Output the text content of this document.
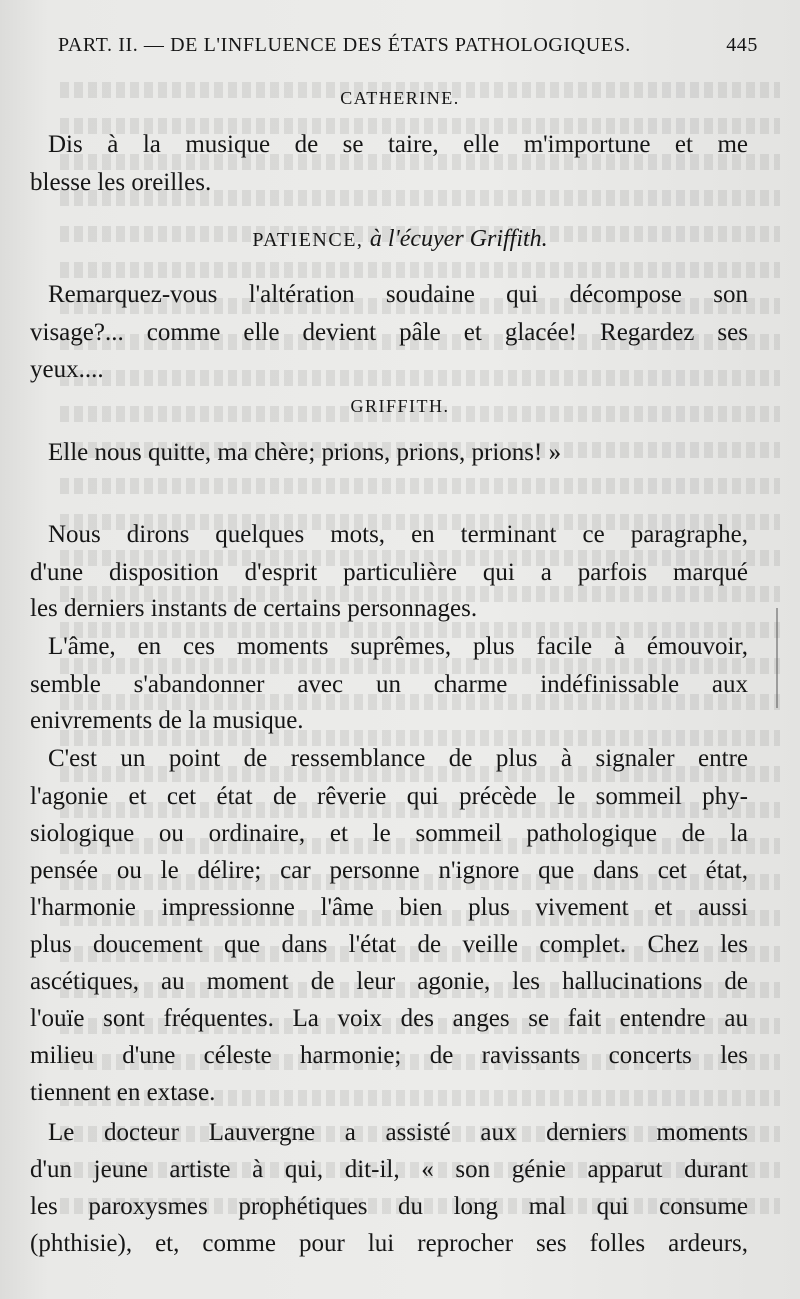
PART. II. — DE L'INFLUENCE DES ÉTATS PATHOLOGIQUES.	445
CATHERINE.
Dis à la musique de se taire, elle m'importune et me
blesse les oreilles.
PATIENCE, à l'écuyer Griffith.
Remarquez-vous l'altération soudaine qui décompose son
visage?... comme elle devient pâle et glacée! Regardez ses
yeux....
GRIFFITH.
Elle nous quitte, ma chère; prions, prions, prions! »
Nous dirons quelques mots, en terminant ce paragraphe,
d'une disposition d'esprit particulière qui a parfois marqué
les derniers instants de certains personnages.
L'âme, en ces moments suprêmes, plus facile à émouvoir,
semble s'abandonner avec un charme indéfinissable aux
enivrements de la musique.
C'est un point de ressemblance de plus à signaler entre
l'agonie et cet état de rêverie qui précède le sommeil phy-
siologique ou ordinaire, et le sommeil pathologique de la
pensée ou le délire; car personne n'ignore que dans cet état,
l'harmonie impressionne l'âme bien plus vivement et aussi
plus doucement que dans l'état de veille complet. Chez les
ascétiques, au moment de leur agonie, les hallucinations de
l'ouïe sont fréquentes. La voix des anges se fait entendre au
milieu d'une céleste harmonie; de ravissants concerts les
tiennent en extase.
Le docteur Lauvergne a assisté aux derniers moments
d'un jeune artiste à qui, dit-il, « son génie apparut durant
les paroxysmes prophétiques du long mal qui consume
(phthisie), et, comme pour lui reprocher ses folles ardeurs,
